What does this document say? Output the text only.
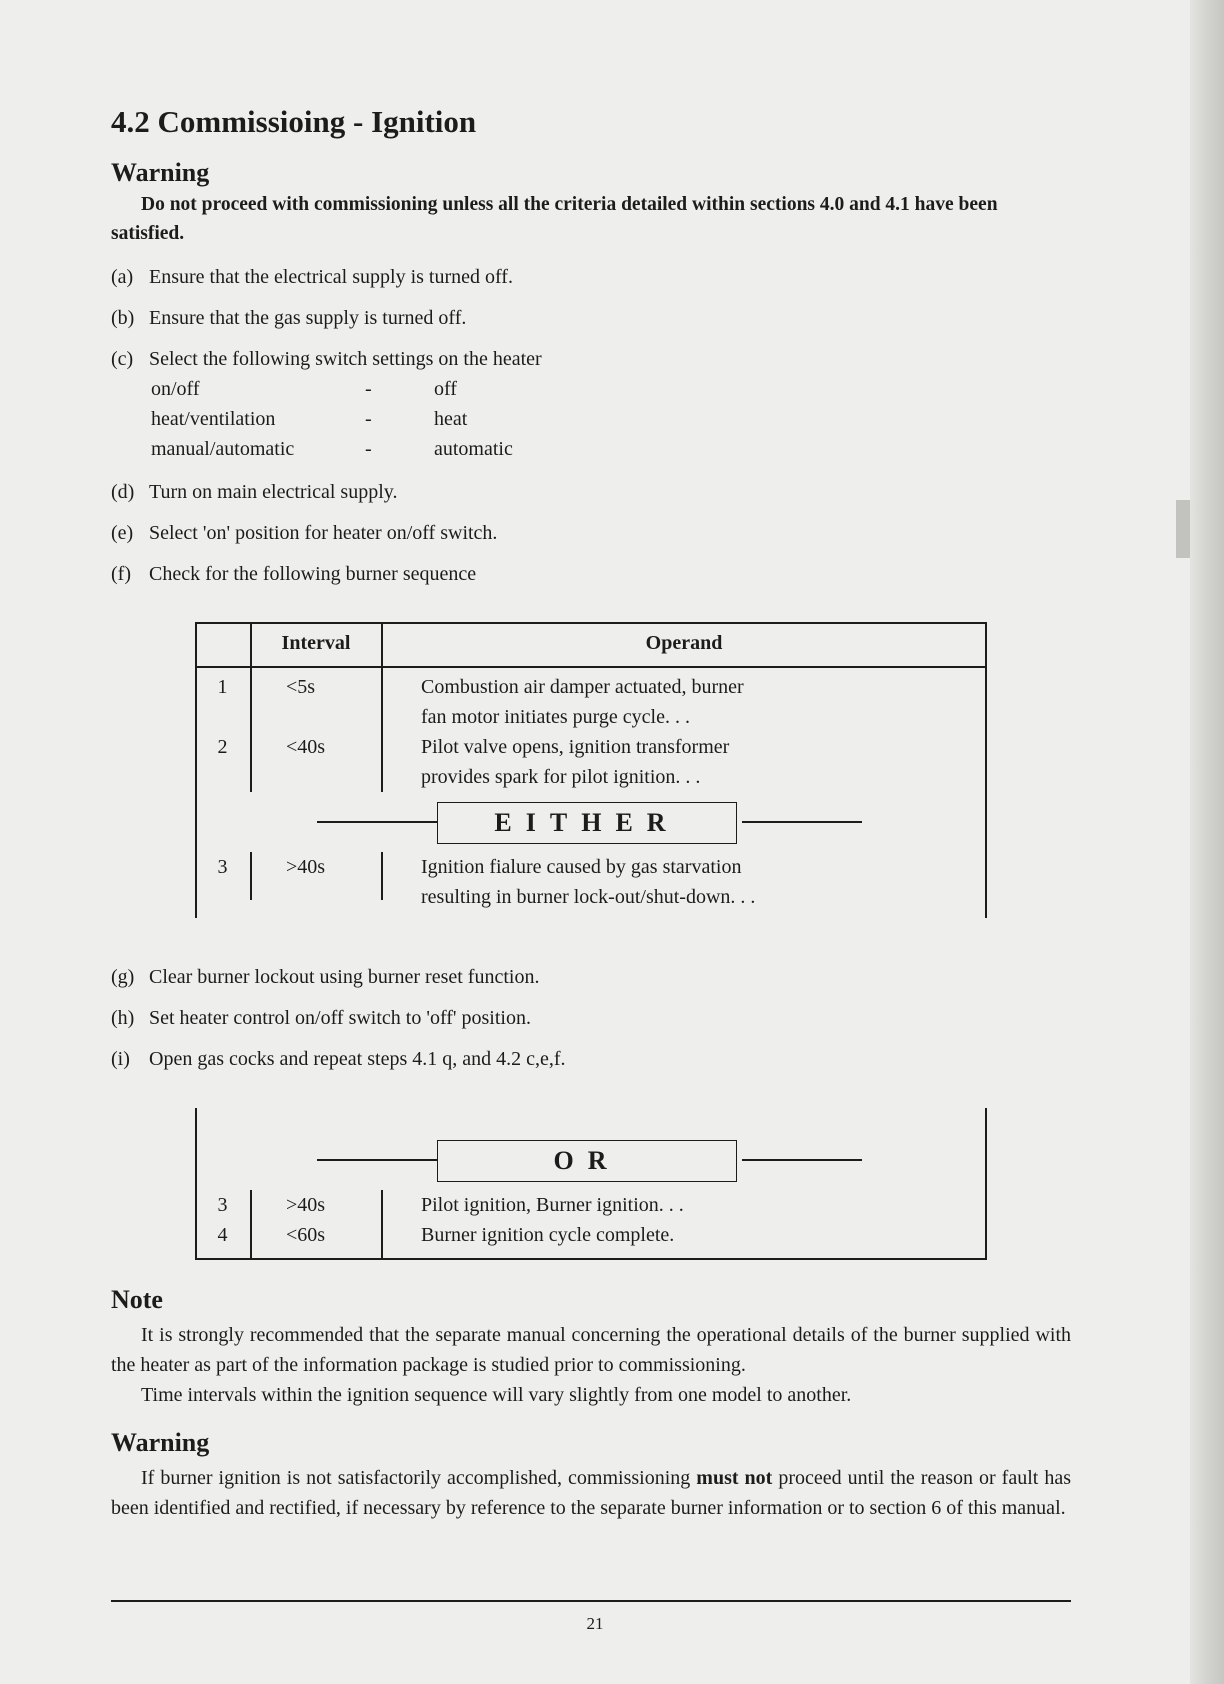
4.2 Commissioing - Ignition
Warning
Do not proceed with commissioning unless all the criteria detailed within sections 4.0 and 4.1 have been satisfied.
(a) Ensure that the electrical supply is turned off.
(b) Ensure that the gas supply is turned off.
(c) Select the following switch settings on the heater
on/off	-	off
heat/ventilation	-	heat
manual/automatic	-	automatic
(d) Turn on main electrical supply.
(e) Select 'on' position for heater on/off switch.
(f) Check for the following burner sequence
Interval	Operand
1	<5s	Combustion air damper actuated, burner
fan motor initiates purge cycle. . .
2	<40s	Pilot valve opens, ignition transformer
provides spark for pilot ignition. . .
EITHER
3	>40s	Ignition fialure caused by gas starvation
resulting in burner lock-out/shut-down. . .
(g) Clear burner lockout using burner reset function.
(h) Set heater control on/off switch to 'off' position.
(i) Open gas cocks and repeat steps 4.1 q, and 4.2 c,e,f.
OR
3	>40s	Pilot ignition, Burner ignition. . .
4	<60s	Burner ignition cycle complete.
Note
It is strongly recommended that the separate manual concerning the operational details of the burner supplied with the heater as part of the information package is studied prior to commissioning.
Time intervals within the ignition sequence will vary slightly from one model to another.
Warning
If burner ignition is not satisfactorily accomplished, commissioning must not proceed until the reason or fault has been identified and rectified, if necessary by reference to the separate burner information or to section 6 of this manual.
21
